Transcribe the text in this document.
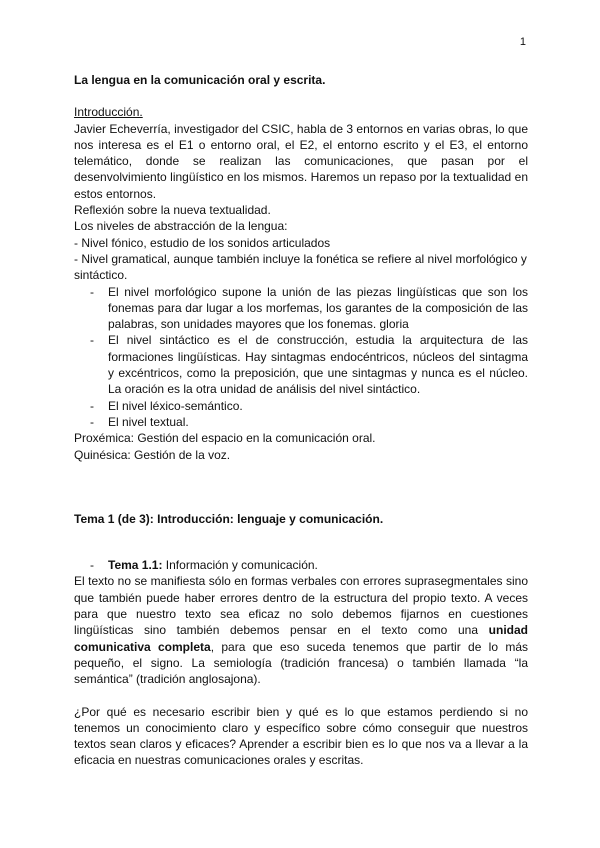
1

La lengua en la comunicación oral y escrita.

Introducción.

Javier Echeverría, investigador del CSIC, habla de 3 entornos en varias obras, lo que nos interesa es el E1 o entorno oral, el E2, el entorno escrito y el E3, el entorno telemático, donde se realizan las comunicaciones, que pasan por el desenvolvimiento lingüístico en los mismos. Haremos un repaso por la textualidad en estos entornos.

Reflexión sobre la nueva textualidad.

Los niveles de abstracción de la lengua:

- Nivel fónico, estudio de los sonidos articulados

- Nivel gramatical, aunque también incluye la fonética se refiere al nivel morfológico y sintáctico.

- El nivel morfológico supone la unión de las piezas lingüísticas que son los fonemas para dar lugar a los morfemas, los garantes de la composición de las palabras, son unidades mayores que los fonemas. gloria
- El nivel sintáctico es el de construcción, estudia la arquitectura de las formaciones lingüísticas. Hay sintagmas endocéntricos, núcleos del sintagma y excéntricos, como la preposición, que une sintagmas y nunca es el núcleo. La oración es la otra unidad de análisis del nivel sintáctico.
- El nivel léxico-semántico.
- El nivel textual.

Proxémica: Gestión del espacio en la comunicación oral.

Quinésica: Gestión de la voz.

Tema 1 (de 3): Introducción: lenguaje y comunicación.

- Tema 1.1: Información y comunicación.

El texto no se manifiesta sólo en formas verbales con errores suprasegmentales sino que también puede haber errores dentro de la estructura del propio texto. A veces para que nuestro texto sea eficaz no solo debemos fijarnos en cuestiones lingüísticas sino también debemos pensar en el texto como una unidad comunicativa completa, para que eso suceda tenemos que partir de lo más pequeño, el signo. La semiología (tradición francesa) o también llamada “la semántica” (tradición anglosajona).

¿Por qué es necesario escribir bien y qué es lo que estamos perdiendo si no tenemos un conocimiento claro y específico sobre cómo conseguir que nuestros textos sean claros y eficaces? Aprender a escribir bien es lo que nos va a llevar a la eficacia en nuestras comunicaciones orales y escritas.
